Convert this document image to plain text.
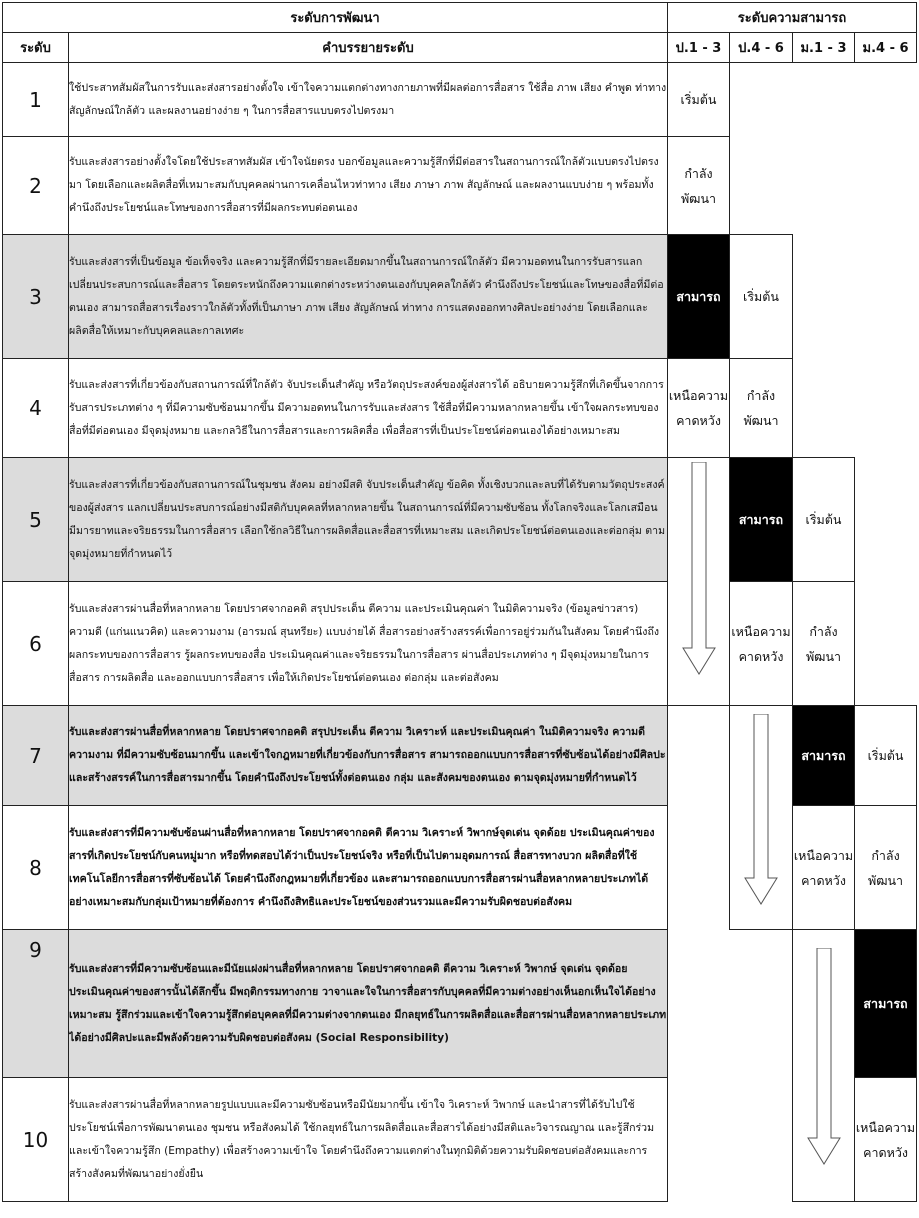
ระดับการพัฒนา		ระดับความสามารถ			
ระดับ	คำบรรยายระดับ	ป.1 - 3	ป.4 - 6	ม.1 - 3	ม.4 - 6
1	ใช้ประสาทสัมผัสในการรับและส่งสารอย่างตั้งใจ เข้าใจความแตกต่างทางกายภาพที่มีผลต่อการสื่อสาร ใช้สื่อ ภาพ เสียง คำพูด ท่าทาง สัญลักษณ์ใกล้ตัว และผลงานอย่างง่าย ๆ ในการสื่อสารแบบตรงไปตรงมา	เริ่มต้น			
2	รับและส่งสารอย่างตั้งใจโดยใช้ประสาทสัมผัส เข้าใจนัยตรง บอกข้อมูลและความรู้สึกที่มีต่อสารในสถานการณ์ใกล้ตัวแบบตรงไปตรงมา โดยเลือกและผลิตสื่อที่เหมาะสมกับบุคคลผ่านการเคลื่อนไหวท่าทาง เสียง ภาษา ภาพ สัญลักษณ์ และผลงานแบบง่าย ๆ พร้อมทั้งคำนึงถึงประโยชน์และโทษของการสื่อสารที่มีผลกระทบต่อตนเอง	กำลังพัฒนา			
3	รับและส่งสารที่เป็นข้อมูล ข้อเท็จจริง และความรู้สึกที่มีรายละเอียดมากขึ้นในสถานการณ์ใกล้ตัว มีความอดทนในการรับสารแลกเปลี่ยนประสบการณ์และสื่อสาร โดยตระหนักถึงความแตกต่างระหว่างตนเองกับบุคคลใกล้ตัว คำนึงถึงประโยชน์และโทษของสื่อที่มีต่อตนเอง สามารถสื่อสารเรื่องราวใกล้ตัวทั้งที่เป็นภาษา ภาพ เสียง สัญลักษณ์ ท่าทาง การแสดงออกทางศิลปะอย่างง่าย โดยเลือกและผลิตสื่อให้เหมาะกับบุคคลและกาลเทศะ	สามารถ	เริ่มต้น		
4	รับและส่งสารที่เกี่ยวข้องกับสถานการณ์ที่ใกล้ตัว จับประเด็นสำคัญ หรือวัตถุประสงค์ของผู้ส่งสารได้ อธิบายความรู้สึกที่เกิดขึ้นจากการรับสารประเภทต่าง ๆ ที่มีความซับซ้อนมากขึ้น มีความอดทนในการรับและส่งสาร ใช้สื่อที่มีความหลากหลายขึ้น เข้าใจผลกระทบของสื่อที่มีต่อตนเอง มีจุดมุ่งหมาย และกลวิธีในการสื่อสารและการผลิตสื่อ เพื่อสื่อสารที่เป็นประโยชน์ต่อตนเองได้อย่างเหมาะสม	เหนือความคาดหวัง	กำลังพัฒนา		
5	รับและส่งสารที่เกี่ยวข้องกับสถานการณ์ในชุมชน สังคม อย่างมีสติ จับประเด็นสำคัญ ข้อคิด ทั้งเชิงบวกและลบที่ได้รับตามวัตถุประสงค์ของผู้ส่งสาร แลกเปลี่ยนประสบการณ์อย่างมีสติกับบุคคลที่หลากหลายขึ้น ในสถานการณ์ที่มีความซับซ้อน ทั้งโลกจริงและโลกเสมือน มีมารยาทและจริยธรรมในการสื่อสาร เลือกใช้กลวิธีในการผลิตสื่อและสื่อสารที่เหมาะสม และเกิดประโยชน์ต่อตนเองและต่อกลุ่ม ตามจุดมุ่งหมายที่กำหนดไว้		สามารถ	เริ่มต้น	
6	รับและส่งสารผ่านสื่อที่หลากหลาย โดยปราศจากอคติ สรุปประเด็น ตีความ และประเมินคุณค่า ในมิติความจริง (ข้อมูลข่าวสาร) ความดี (แก่นแนวคิด) และความงาม (อารมณ์ สุนทรียะ) แบบง่ายได้ สื่อสารอย่างสร้างสรรค์เพื่อการอยู่ร่วมกันในสังคม โดยคำนึงถึงผลกระทบของการสื่อสาร รู้ผลกระทบของสื่อ ประเมินคุณค่าและจริยธรรมในการสื่อสาร ผ่านสื่อประเภทต่าง ๆ มีจุดมุ่งหมายในการสื่อสาร การผลิตสื่อ และออกแบบการสื่อสาร เพื่อให้เกิดประโยชน์ต่อตนเอง ต่อกลุ่ม และต่อสังคม		เหนือความคาดหวัง	กำลังพัฒนา	
7	รับและส่งสารผ่านสื่อที่หลากหลาย โดยปราศจากอคติ สรุปประเด็น ตีความ วิเคราะห์ และประเมินคุณค่า ในมิติความจริง ความดี ความงาม ที่มีความซับซ้อนมากขึ้น และเข้าใจกฎหมายที่เกี่ยวข้องกับการสื่อสาร สามารถออกแบบการสื่อสารที่ซับซ้อนได้อย่างมีศิลปะ และสร้างสรรค์ในการสื่อสารมากขึ้น โดยคำนึงถึงประโยชน์ทั้งต่อตนเอง กลุ่ม และสังคมของตนเอง ตามจุดมุ่งหมายที่กำหนดไว้			สามารถ	เริ่มต้น
8	รับและส่งสารที่มีความซับซ้อนผ่านสื่อที่หลากหลาย โดยปราศจากอคติ ตีความ วิเคราะห์ วิพากษ์จุดเด่น จุดด้อย ประเมินคุณค่าของสารที่เกิดประโยชน์กับคนหมู่มาก หรือที่ทดสอบได้ว่าเป็นประโยชน์จริง หรือที่เป็นไปตามอุดมการณ์ สื่อสารทางบวก ผลิตสื่อที่ใช้เทคโนโลยีการสื่อสารที่ซับซ้อนได้ โดยคำนึงถึงกฎหมายที่เกี่ยวข้อง และสามารถออกแบบการสื่อสารผ่านสื่อหลากหลายประเภทได้อย่างเหมาะสมกับกลุ่มเป้าหมายที่ต้องการ คำนึงถึงสิทธิและประโยชน์ของส่วนรวมและมีความรับผิดชอบต่อสังคม			เหนือความคาดหวัง	กำลังพัฒนา
9	รับและส่งสารที่มีความซับซ้อนและมีนัยแฝงผ่านสื่อที่หลากหลาย โดยปราศจากอคติ ตีความ วิเคราะห์ วิพากษ์ จุดเด่น จุดด้อย ประเมินคุณค่าของสารนั้นได้ลึกขึ้น มีพฤติกรรมทางกาย วาจาและใจในการสื่อสารกับบุคคลที่มีความต่างอย่างเห็นอกเห็นใจได้อย่างเหมาะสม รู้สึกร่วมและเข้าใจความรู้สึกต่อบุคคลที่มีความต่างจากตนเอง มีกลยุทธ์ในการผลิตสื่อและสื่อสารผ่านสื่อหลากหลายประเภทได้อย่างมีศิลปะและมีพลังด้วยความรับผิดชอบต่อสังคม (Social Responsibility)				สามารถ
10	รับและส่งสารผ่านสื่อที่หลากหลายรูปแบบและมีความซับซ้อนหรือมีนัยมากขึ้น เข้าใจ วิเคราะห์ วิพากษ์ และนำสารที่ได้รับไปใช้ประโยชน์เพื่อการพัฒนาตนเอง ชุมชน หรือสังคมได้ ใช้กลยุทธ์ในการผลิตสื่อและสื่อสารได้อย่างมีสติและวิจารณญาณ และรู้สึกร่วมและเข้าใจความรู้สึก (Empathy) เพื่อสร้างความเข้าใจ โดยคำนึงถึงความแตกต่างในทุกมิติด้วยความรับผิดชอบต่อสังคมและการสร้างสังคมที่พัฒนาอย่างยั่งยืน				เหนือความคาดหวัง
